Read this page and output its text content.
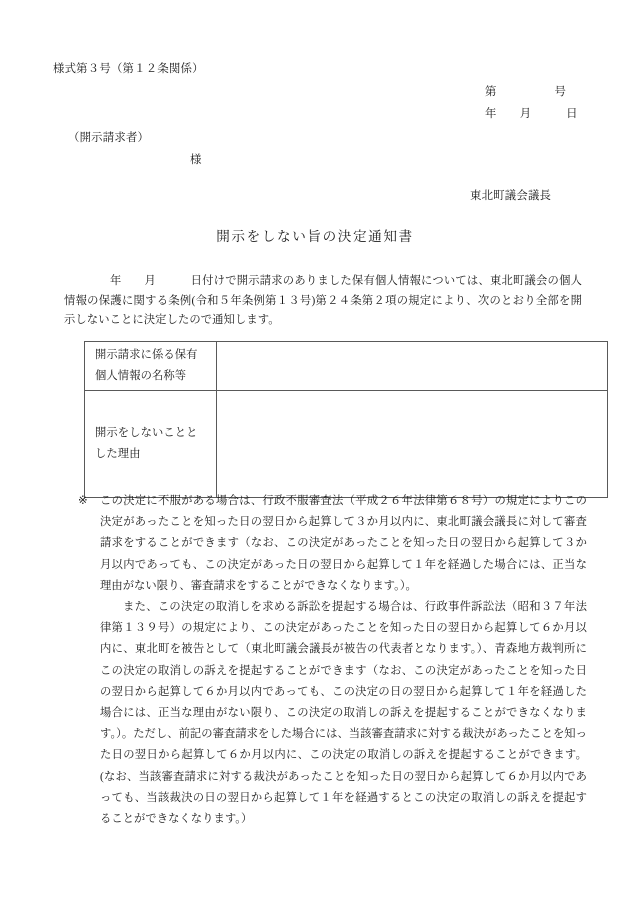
様式第３号（第１２条関係）
第　　　　　号
年　　月　　　日
（開示請求者）
様
東北町議会議長
開示をしない旨の決定通知書
年　　月　　　日付けで開示請求のありました保有個人情報については、東北町議会の個人情報の保護に関する条例(令和５年条例第１３号)第２４条第２項の規定により、次のとおり全部を開示しないことに決定したので通知します。
開示請求に係る保有
個人情報の名称等	

開示をしないことと
した理由	

※	この決定に不服がある場合は、行政不服審査法（平成２６年法律第６８号）の規定によりこの決定があったことを知った日の翌日から起算して３か月以内に、東北町議会議長に対して審査請求をすることができます（なお、この決定があったことを知った日の翌日から起算して３か月以内であっても、この決定があった日の翌日から起算して１年を経過した場合には、正当な理由がない限り、審査請求をすることができなくなります。）。

また、この決定の取消しを求める訴訟を提起する場合は、行政事件訴訟法（昭和３７年法律第１３９号）の規定により、この決定があったことを知った日の翌日から起算して６か月以内に、東北町を被告として（東北町議会議長が被告の代表者となります。）、青森地方裁判所にこの決定の取消しの訴えを提起することができます（なお、この決定があったことを知った日の翌日から起算して６か月以内であっても、この決定の日の翌日から起算して１年を経過した場合には、正当な理由がない限り、この決定の取消しの訴えを提起することができなくなります。）。ただし、前記の審査請求をした場合には、当該審査請求に対する裁決があったことを知った日の翌日から起算して６か月以内に、この決定の取消しの訴えを提起することができます。(なお、当該審査請求に対する裁決があったことを知った日の翌日から起算して６か月以内であっても、当該裁決の日の翌日から起算して１年を経過するとこの決定の取消しの訴えを提起することができなくなります。）
